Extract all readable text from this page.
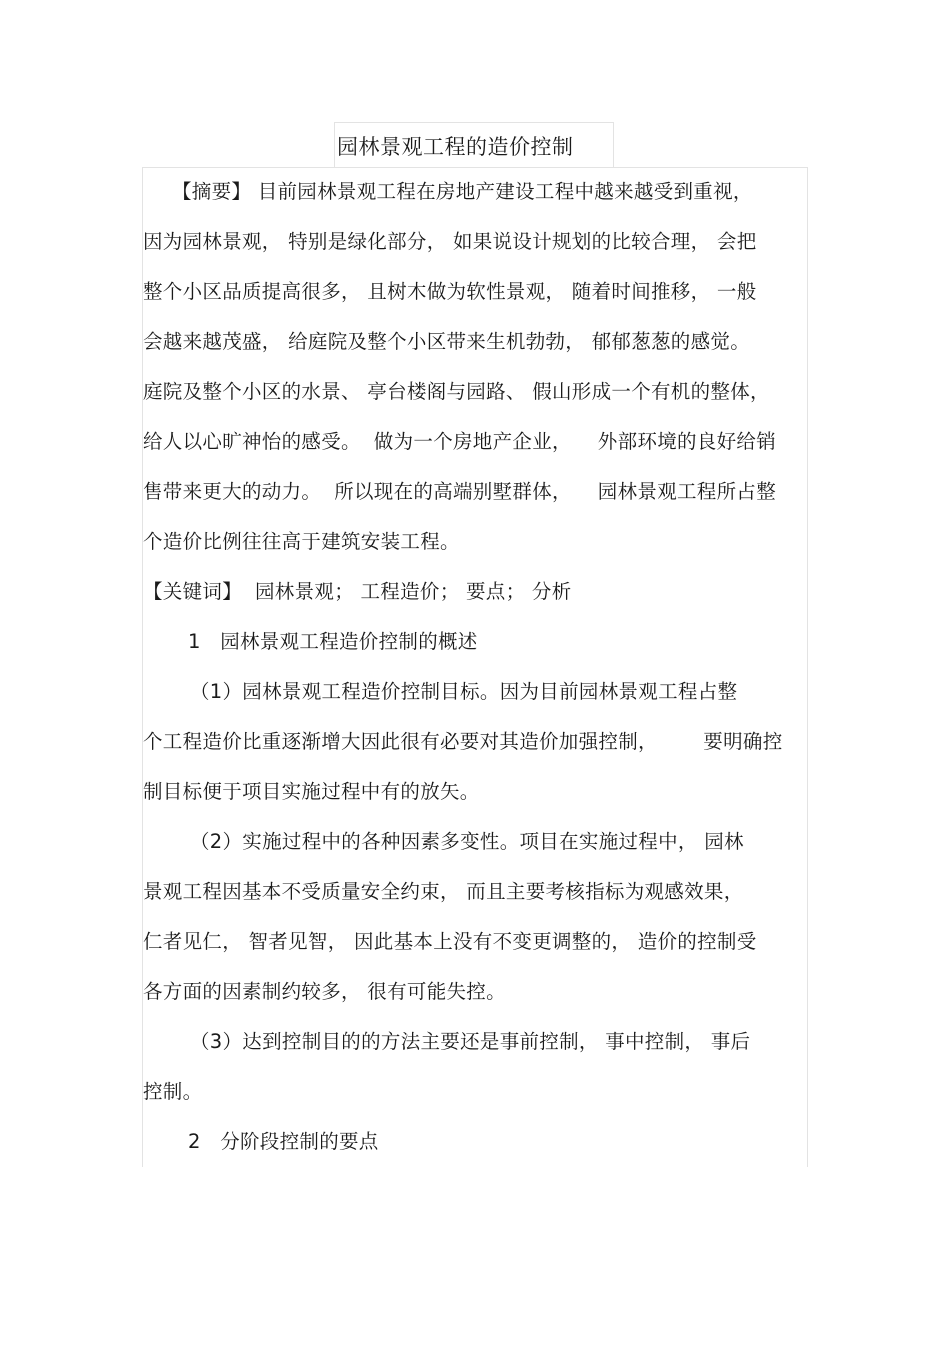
园林景观工程的造价控制
【摘要】 目前园林景观工程在房地产建设工程中越来越受到重视，
因为园林景观， 特别是绿化部分， 如果说设计规划的比较合理， 会把
整个小区品质提高很多， 且树木做为软性景观， 随着时间推移， 一般
会越来越茂盛， 给庭院及整个小区带来生机勃勃， 郁郁葱葱的感觉。
庭院及整个小区的水景、 亭台楼阁与园路、 假山形成一个有机的整体，
给人以心旷神怡的感受。  做为一个房地产企业，    外部环境的良好给销
售带来更大的动力。  所以现在的高端别墅群体，    园林景观工程所占整
个造价比例往往高于建筑安装工程。
【关键词】  园林景观； 工程造价； 要点； 分析
1   园林景观工程造价控制的概述
（1）园林景观工程造价控制目标。因为目前园林景观工程占整
个工程造价比重逐渐增大因此很有必要对其造价加强控制，       要明确控
制目标便于项目实施过程中有的放矢。
（2）实施过程中的各种因素多变性。项目在实施过程中， 园林
景观工程因基本不受质量安全约束， 而且主要考核指标为观感效果，
仁者见仁， 智者见智， 因此基本上没有不变更调整的， 造价的控制受
各方面的因素制约较多， 很有可能失控。
（3）达到控制目的的方法主要还是事前控制， 事中控制， 事后
控制。
2   分阶段控制的要点
